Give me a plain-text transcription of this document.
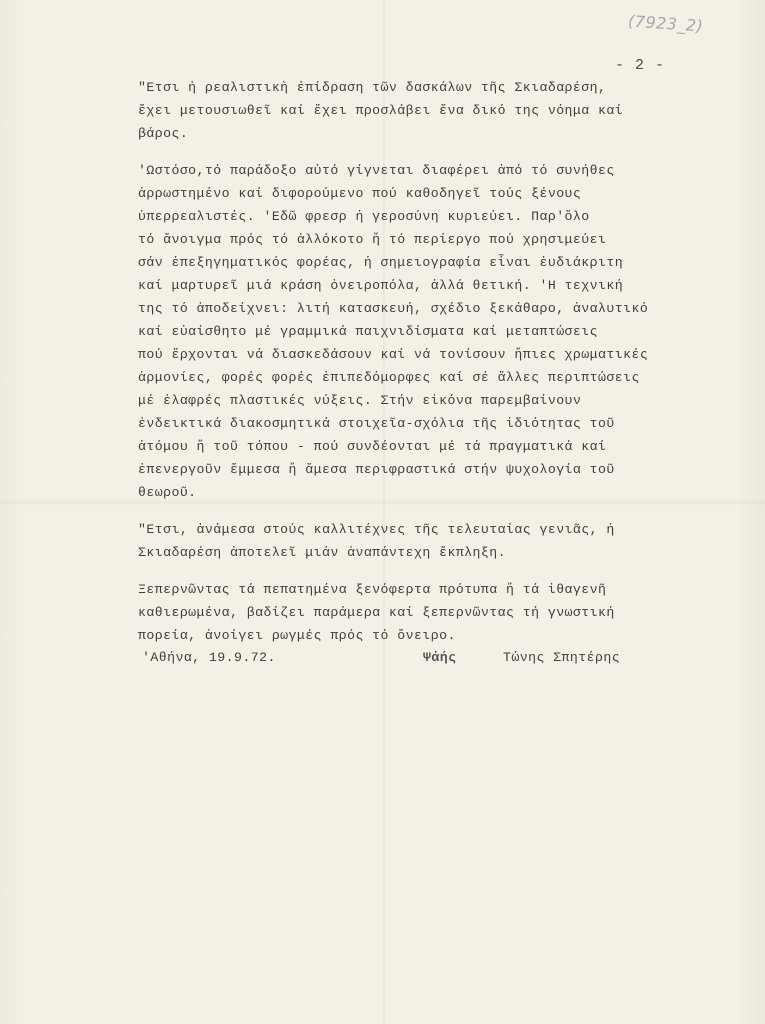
(7923_2)
- 2 -
"Ετσι ἡ ρεαλιστικὴ ἐπίδραση τῶν δασκάλων τῆς Σκιαδαρέση,
ἔχει μετουσιωθεῖ καί ἔχει προσλάβει ἕνα δικό της νόημα καί
βάρος.
'Ωστόσο,τό παράδοξο αὐτό γίγνεται διαφέρει ἀπό τό συνήθες
ἀρρωστημένο καί διφορούμενο πού καθοδηγεῖ τούς ξένους
ὑπερρεαλιστές. 'Εδῶ φρεσρ ἡ γεροσύνη κυριεύει. Παρ'ὅλο
τό ἄνοιγμα πρός τό ἀλλόκοτο ἤ τό περίεργο πού χρησιμεύει
σάν ἐπεξηγηματικός φορέας, ἡ σημειογραφία εἶναι ἐυδιάκριτη
καί μαρτυρεῖ μιά κράση ὀνειροπόλα, ἀλλά θετική. 'Η τεχνική
της τό ἀποδείχνει: λιτή κατασκευή, σχέδιο ξεκάθαρο, ἀναλυτικό
καί εὐαίσθητο μέ γραμμικά παιχνιδίσματα καί μεταπτώσεις
πού ἔρχονται νά διασκεδάσουν καί νά τονίσουν ἤπιες χρωματικές
ἁρμονίες, φορές φορές ἐπιπεδόμορφες καί σέ ἄλλες περιπτώσεις
μέ ἐλαφρές πλαστικές νύξεις. Στήν εἰκόνα παρεμβαίνουν
ἐνδεικτικά διακοσμητικά στοιχεῖα-σχόλια τῆς ἰδιότητας τοῦ
ἀτόμου ἤ τοῦ τόπου - πού συνδέονται μέ τά πραγματικά καί
ἐπενεργοῦν ἔμμεσα ἤ ἄμεσα περιφραστικά στήν ψυχολογία τοῦ
θεωροῦ.
"Ετσι, ἀνάμεσα στούς καλλιτέχνες τῆς τελευταίας γενιᾶς, ἡ
Σκιαδαρέση ἀποτελεῖ μιάν ἀναπάντεχη ἔκπληξη.
Ξεπερνῶντας τά πεπατημένα ξενόφερτα πρότυπα ἤ τά ἰθαγενῆ
καθιερωμένα, βαδίζει παράμερα καί ξεπερνῶντας τή γνωστική
πορεία, ἀνοίγει ρωγμές πρός τό ὄνειρο.
'Αθήνα, 19.9.72.	Ψάής	Τώνης Σπητέρης
